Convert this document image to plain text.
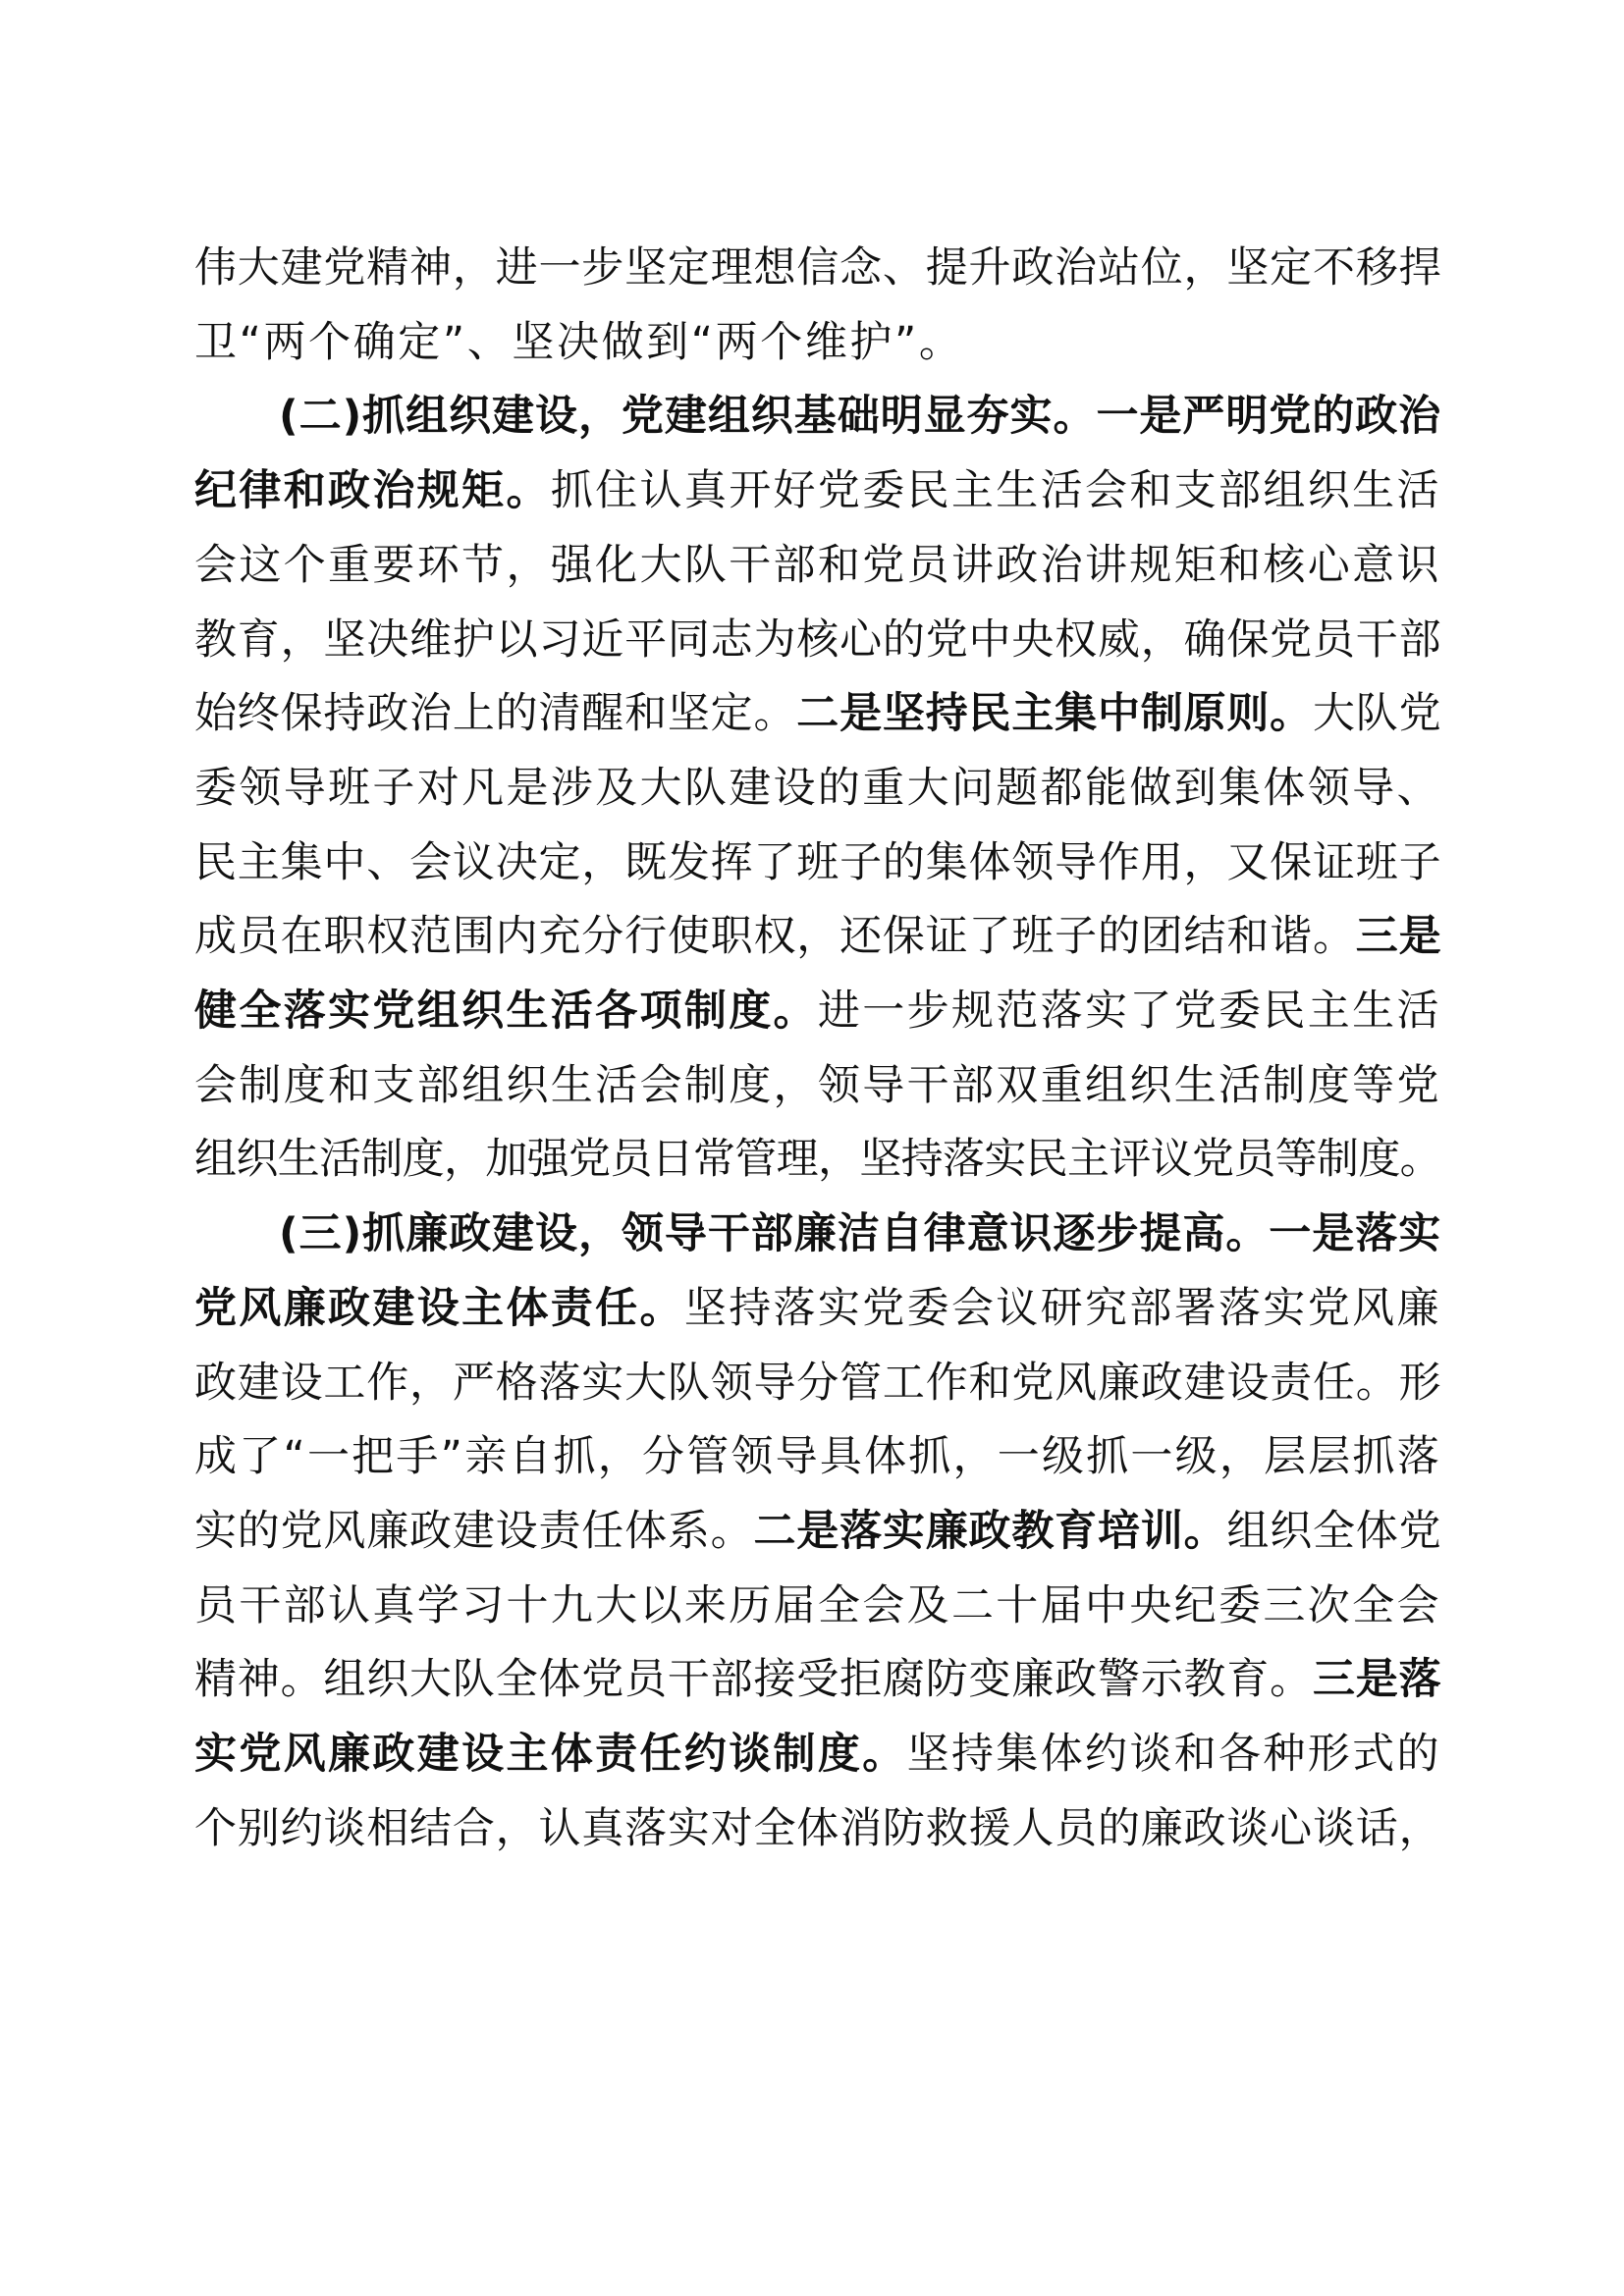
伟大建党精神，进一步坚定理想信念、提升政治站位，坚定不移捍
卫“两个确定”、坚决做到“两个维护”。
(二)抓组织建设，党建组织基础明显夯实。一是严明党的政治
纪律和政治规矩。抓住认真开好党委民主生活会和支部组织生活
会这个重要环节，强化大队干部和党员讲政治讲规矩和核心意识
教育，坚决维护以习近平同志为核心的党中央权威，确保党员干部
始终保持政治上的清醒和坚定。二是坚持民主集中制原则。大队党
委领导班子对凡是涉及大队建设的重大问题都能做到集体领导、
民主集中、会议决定，既发挥了班子的集体领导作用，又保证班子
成员在职权范围内充分行使职权，还保证了班子的团结和谐。三是
健全落实党组织生活各项制度。进一步规范落实了党委民主生活
会制度和支部组织生活会制度，领导干部双重组织生活制度等党
组织生活制度，加强党员日常管理，坚持落实民主评议党员等制度。
(三)抓廉政建设，领导干部廉洁自律意识逐步提高。一是落实
党风廉政建设主体责任。坚持落实党委会议研究部署落实党风廉
政建设工作，严格落实大队领导分管工作和党风廉政建设责任。形
成了“一把手”亲自抓，分管领导具体抓，一级抓一级，层层抓落
实的党风廉政建设责任体系。二是落实廉政教育培训。组织全体党
员干部认真学习十九大以来历届全会及二十届中央纪委三次全会
精神。组织大队全体党员干部接受拒腐防变廉政警示教育。三是落
实党风廉政建设主体责任约谈制度。坚持集体约谈和各种形式的
个别约谈相结合，认真落实对全体消防救援人员的廉政谈心谈话，
